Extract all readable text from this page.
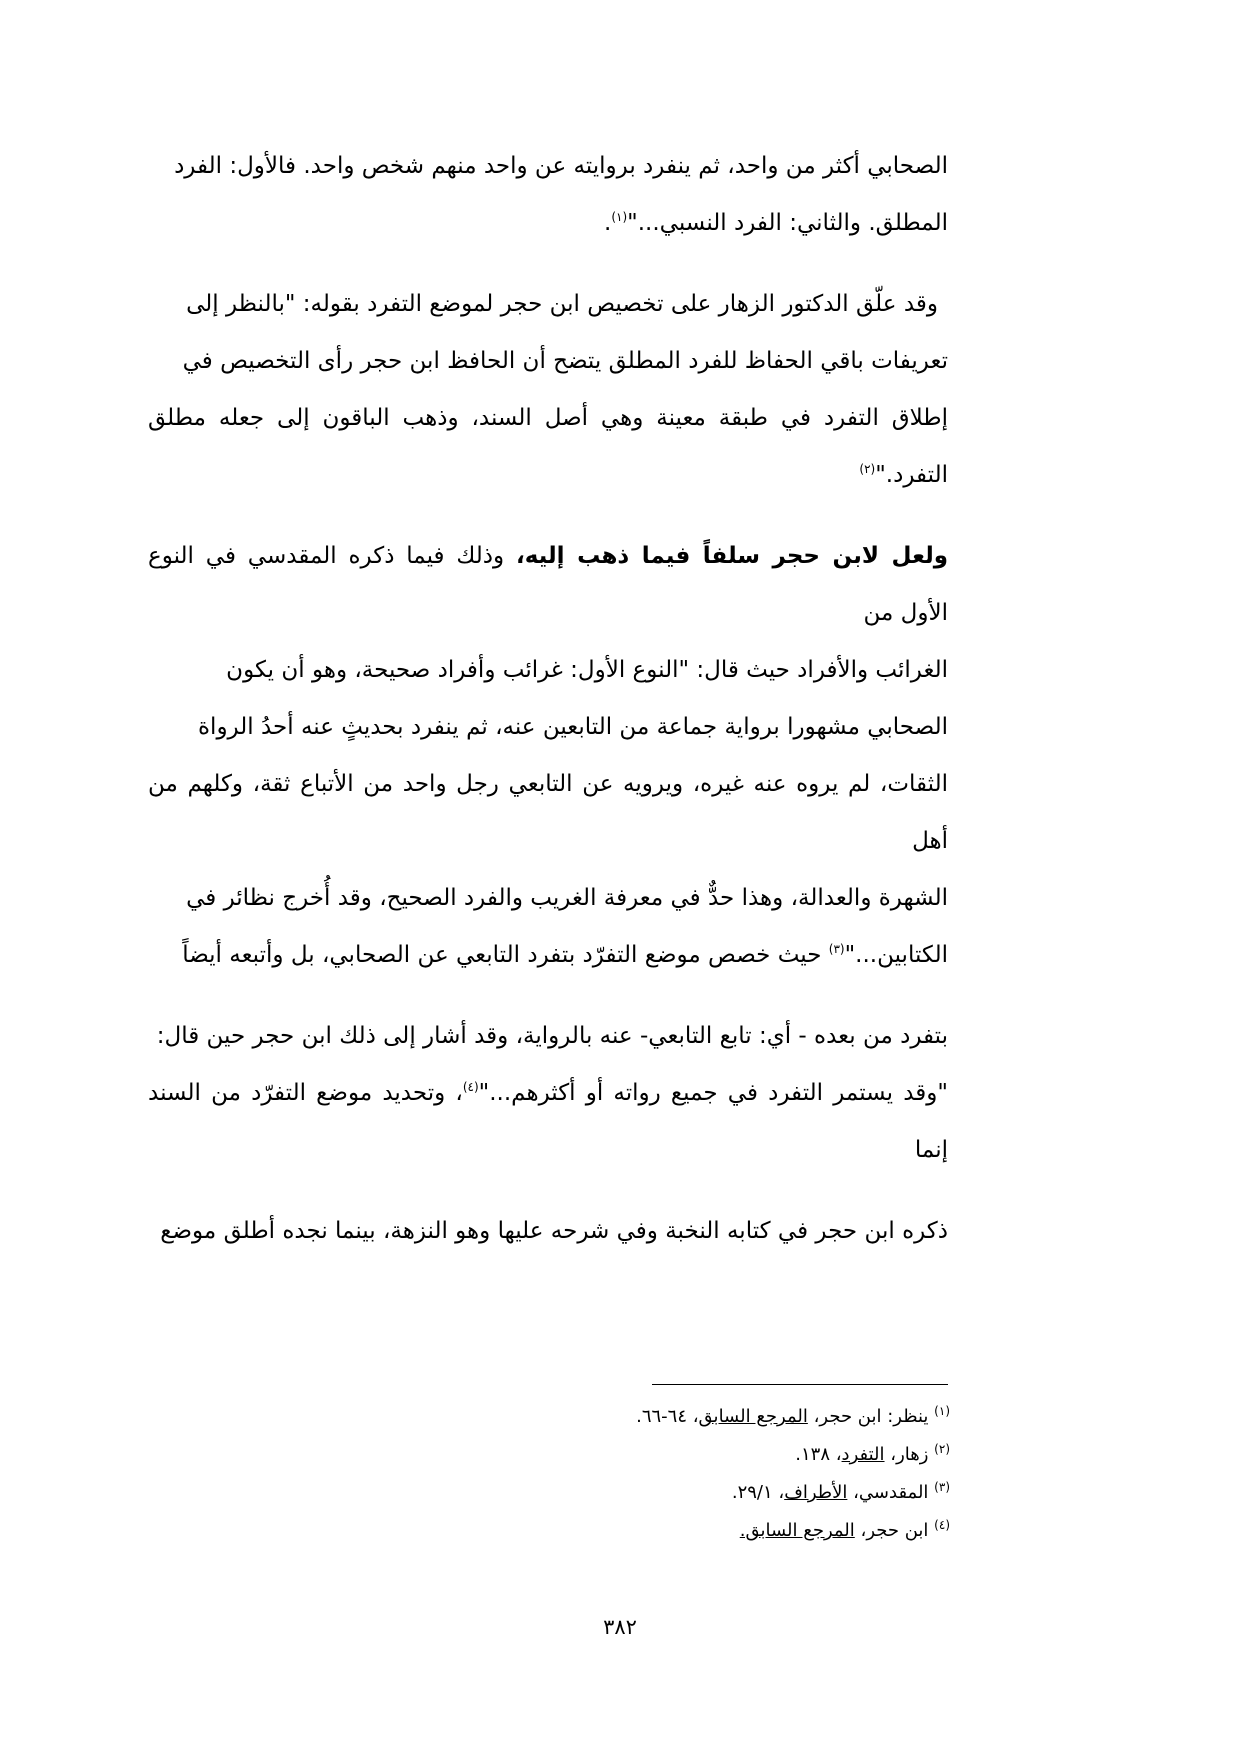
الصحابي أكثر من واحد، ثم ينفرد بروايته عن واحد منهم شخص واحد. فالأول: الفرد

المطلق. والثاني: الفرد النسبي..."$^{(١)}$.

وقد علّق الدكتور الزهار على تخصيص ابن حجر لموضع التفرد بقوله: "بالنظر إلى

تعريفات باقي الحفاظ للفرد المطلق يتضح أن الحافظ ابن حجر رأى التخصيص في

إطلاق التفرد في طبقة معينة وهي أصل السند، وذهب الباقون إلى جعله مطلق التفرد."$^{(٢)}$

ولعل لابن حجر سلفاً فيما ذهب إليه، وذلك فيما ذكره المقدسي في النوع الأول من

الغرائب والأفراد حيث قال: "النوع الأول: غرائب وأفراد صحيحة، وهو أن يكون

الصحابي مشهورا برواية جماعة من التابعين عنه، ثم ينفرد بحديثٍ عنه أحدُ الرواة

الثقات، لم يروه عنه غيره، ويرويه عن التابعي رجل واحد من الأتباع ثقة، وكلهم من أهل

الشهرة والعدالة، وهذا حدٌّ في معرفة الغريب والفرد الصحيح، وقد أُخرج نظائر في

الكتابين..."$^{(٣)}$ حيث خصص موضع التفرّد بتفرد التابعي عن الصحابي، بل وأتبعه أيضاً

بتفرد من بعده - أي: تابع التابعي- عنه بالرواية، وقد أشار إلى ذلك ابن حجر حين قال:

"وقد يستمر التفرد في جميع رواته أو أكثرهم..."$^{(٤)}$، وتحديد موضع التفرّد من السند إنما

ذكره ابن حجر في كتابه النخبة وفي شرحه عليها وهو النزهة، بينما نجده أطلق موضع

$^{(١)}$ ينظر: ابن حجر، المرجع السابق، ٦٤-٦٦.

$^{(٢)}$ زهار، التفرد، ١٣٨.

$^{(٣)}$ المقدسي، الأطراف، ٢٩/١.

$^{(٤)}$ ابن حجر، المرجع السابق.

٣٨٢
